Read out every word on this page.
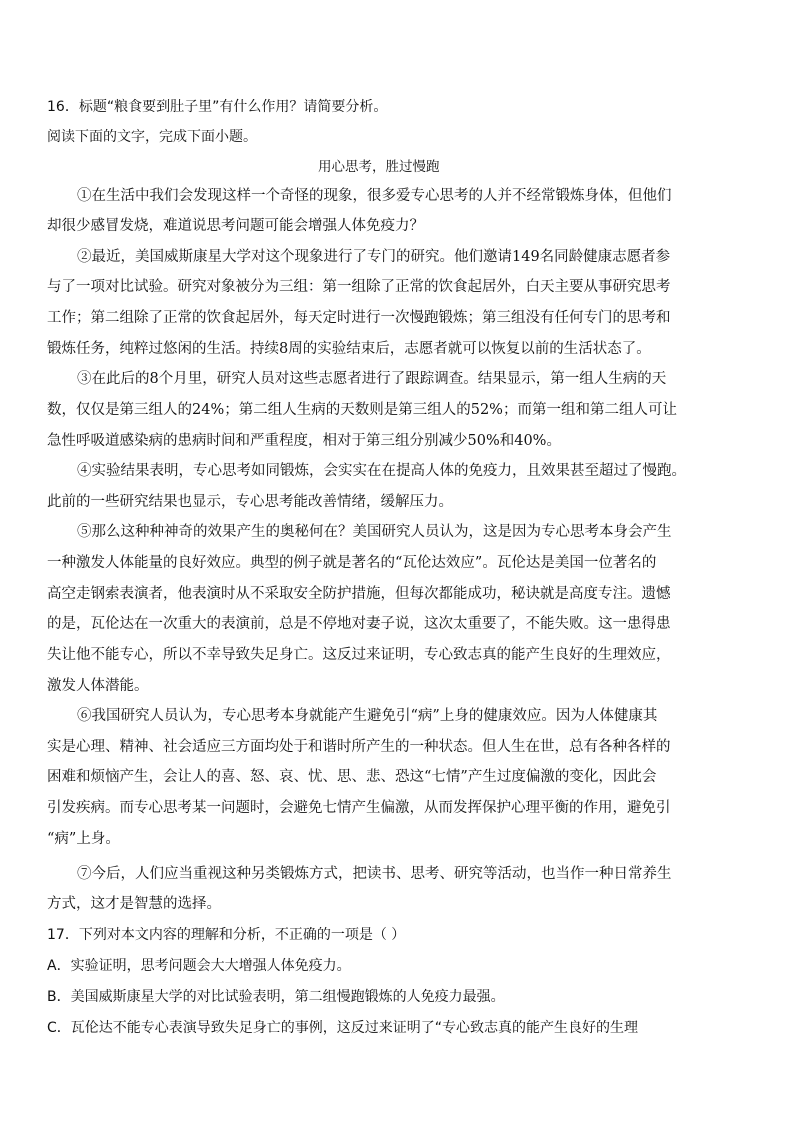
16．标题“粮食要到肚子里”有什么作用？请简要分析。
阅读下面的文字，完成下面小题。
用心思考，胜过慢跑
①在生活中我们会发现这样一个奇怪的现象，很多爱专心思考的人并不经常锻炼身体，但他们
却很少感冒发烧，难道说思考问题可能会增强人体免疫力？
②最近，美国威斯康星大学对这个现象进行了专门的研究。他们邀请149名同龄健康志愿者参
与了一项对比试验。研究对象被分为三组：第一组除了正常的饮食起居外，白天主要从事研究思考
工作；第二组除了正常的饮食起居外，每天定时进行一次慢跑锻炼；第三组没有任何专门的思考和
锻炼任务，纯粹过悠闲的生活。持续8周的实验结束后，志愿者就可以恢复以前的生活状态了。
③在此后的8个月里，研究人员对这些志愿者进行了跟踪调查。结果显示，第一组人生病的天
数，仅仅是第三组人的24%；第二组人生病的天数则是第三组人的52%；而第一组和第二组人可让
急性呼吸道感染病的患病时间和严重程度，相对于第三组分别减少50%和40%。
④实验结果表明，专心思考如同锻炼，会实实在在提高人体的免疫力，且效果甚至超过了慢跑。
此前的一些研究结果也显示，专心思考能改善情绪，缓解压力。
⑤那么这种种神奇的效果产生的奥秘何在？美国研究人员认为，这是因为专心思考本身会产生
一种激发人体能量的良好效应。典型的例子就是著名的“瓦伦达效应”。瓦伦达是美国一位著名的
高空走钢索表演者，他表演时从不采取安全防护措施，但每次都能成功，秘诀就是高度专注。遗憾
的是，瓦伦达在一次重大的表演前，总是不停地对妻子说，这次太重要了，不能失败。这一患得患
失让他不能专心，所以不幸导致失足身亡。这反过来证明，专心致志真的能产生良好的生理效应，
激发人体潜能。
⑥我国研究人员认为，专心思考本身就能产生避免引“病”上身的健康效应。因为人体健康其
实是心理、精神、社会适应三方面均处于和谐时所产生的一种状态。但人生在世，总有各种各样的
困难和烦恼产生，会让人的喜、怒、哀、忧、思、悲、恐这“七情”产生过度偏激的变化，因此会
引发疾病。而专心思考某一问题时，会避免七情产生偏激，从而发挥保护心理平衡的作用，避免引
“病”上身。
⑦今后，人们应当重视这种另类锻炼方式，把读书、思考、研究等活动，也当作一种日常养生
方式，这才是智慧的选择。
17．下列对本文内容的理解和分析，不正确的一项是（ ）
A．实验证明，思考问题会大大增强人体免疫力。
B．美国威斯康星大学的对比试验表明，第二组慢跑锻炼的人免疫力最强。
C．瓦伦达不能专心表演导致失足身亡的事例，这反过来证明了“专心致志真的能产生良好的生理
